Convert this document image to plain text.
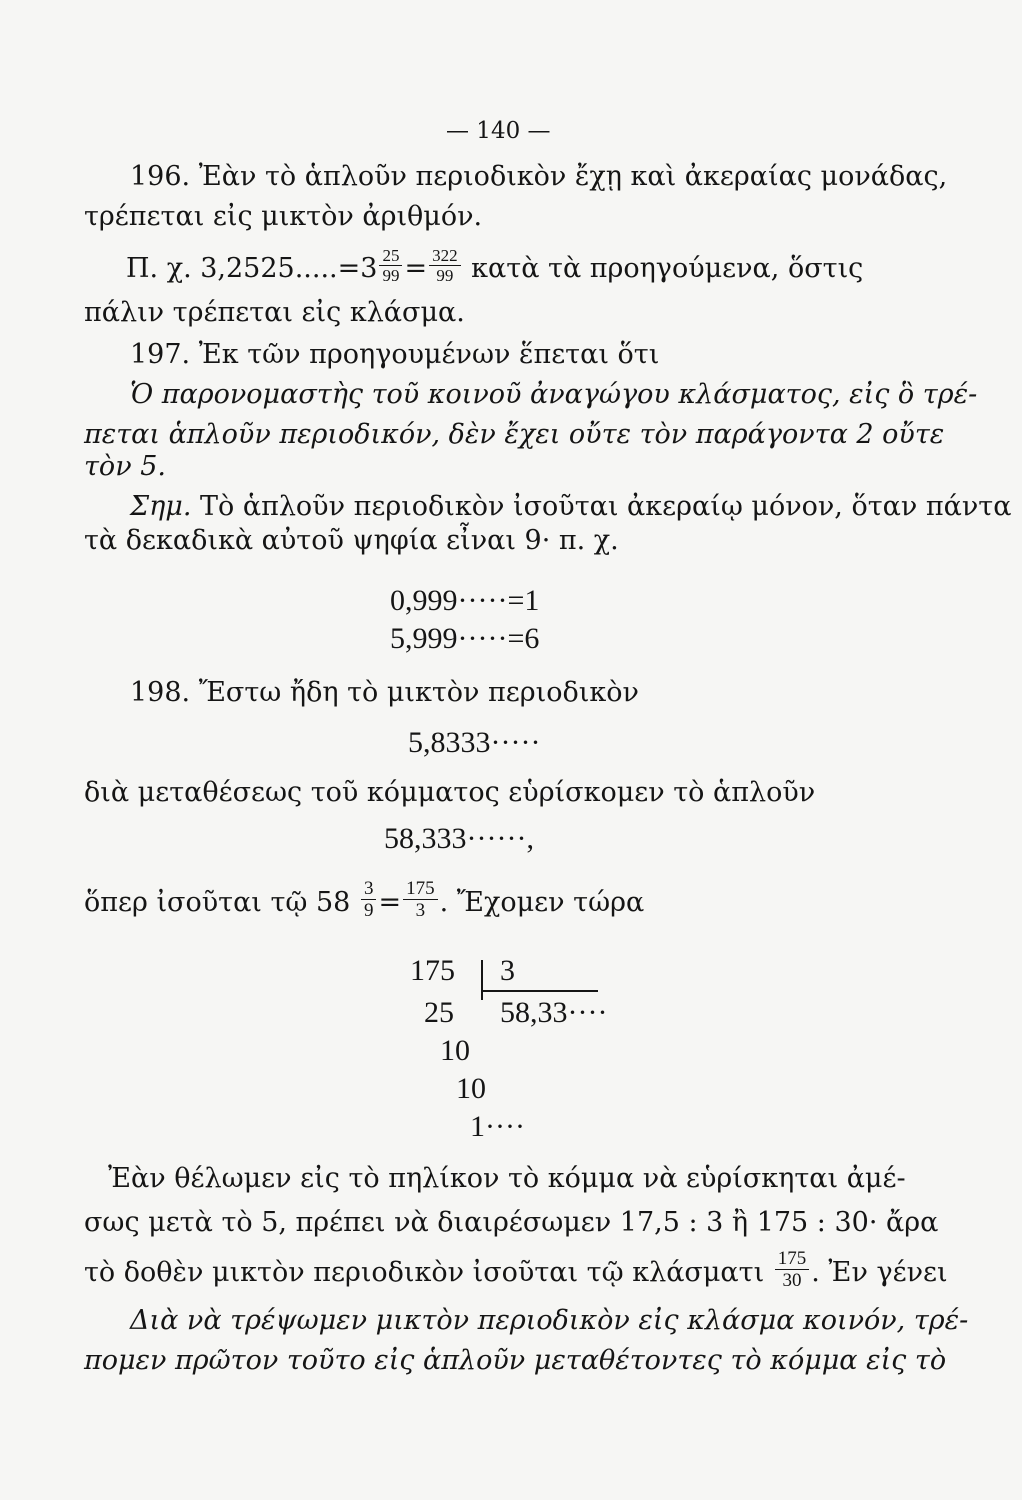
— 140 —
196. Ἐὰν τὸ ἁπλοῦν περιοδικὸν ἔχῃ καὶ ἀκεραίας μονάδας,
τρέπεται εἰς μικτὸν ἀριθμόν.
Π. χ. $3,2525.....=3 \frac{25}{99} = \frac{322}{99}$ κατὰ τὰ προηγούμενα, ὅστις
πάλιν τρέπεται εἰς κλάσμα.
197. Ἐκ τῶν προηγουμένων ἕπεται ὅτι
Ὁ παρονομαστὴς τοῦ κοινοῦ ἀναγώγου κλάσματος, εἰς ὃ τρέ-
πεται ἁπλοῦν περιοδικόν, δὲν ἔχει οὔτε τὸν παράγοντα 2 οὔτε
τὸν 5.
Σημ. Τὸ ἁπλοῦν περιοδικὸν ἰσοῦται ἀκεραίῳ μόνον, ὅταν πάντα
τὰ δεκαδικὰ αὐτοῦ ψηφία εἶναι 9· π. χ.
0,999·····=1
5,999·····=6
198. Ἔστω ἤδη τὸ μικτὸν περιοδικὸν
5,8333·····
διὰ μεταθέσεως τοῦ κόμματος εὑρίσκομεν τὸ ἁπλοῦν
58,333······,
ὅπερ ἰσοῦται τῷ $58 \frac{3}{9} = \frac{175}{3}$ . Ἔχομεν τώρα
175 3
25 58,33····
10
10
1····
Ἐὰν θέλωμεν εἰς τὸ πηλίκον τὸ κόμμα νὰ εὑρίσκηται ἀμέ-
σως μετὰ τὸ 5, πρέπει νὰ διαιρέσωμεν 17,5 : 3 ἢ 175 : 30· ἄρα
τὸ δοθὲν μικτὸν περιοδικὸν ἰσοῦται τῷ κλάσματι $\frac{175}{30}$ . Ἐν γένει
Διὰ νὰ τρέψωμεν μικτὸν περιοδικὸν εἰς κλάσμα κοινόν, τρέ-
πομεν πρῶτον τοῦτο εἰς ἁπλοῦν μεταθέτοντες τὸ κόμμα εἰς τὸ
